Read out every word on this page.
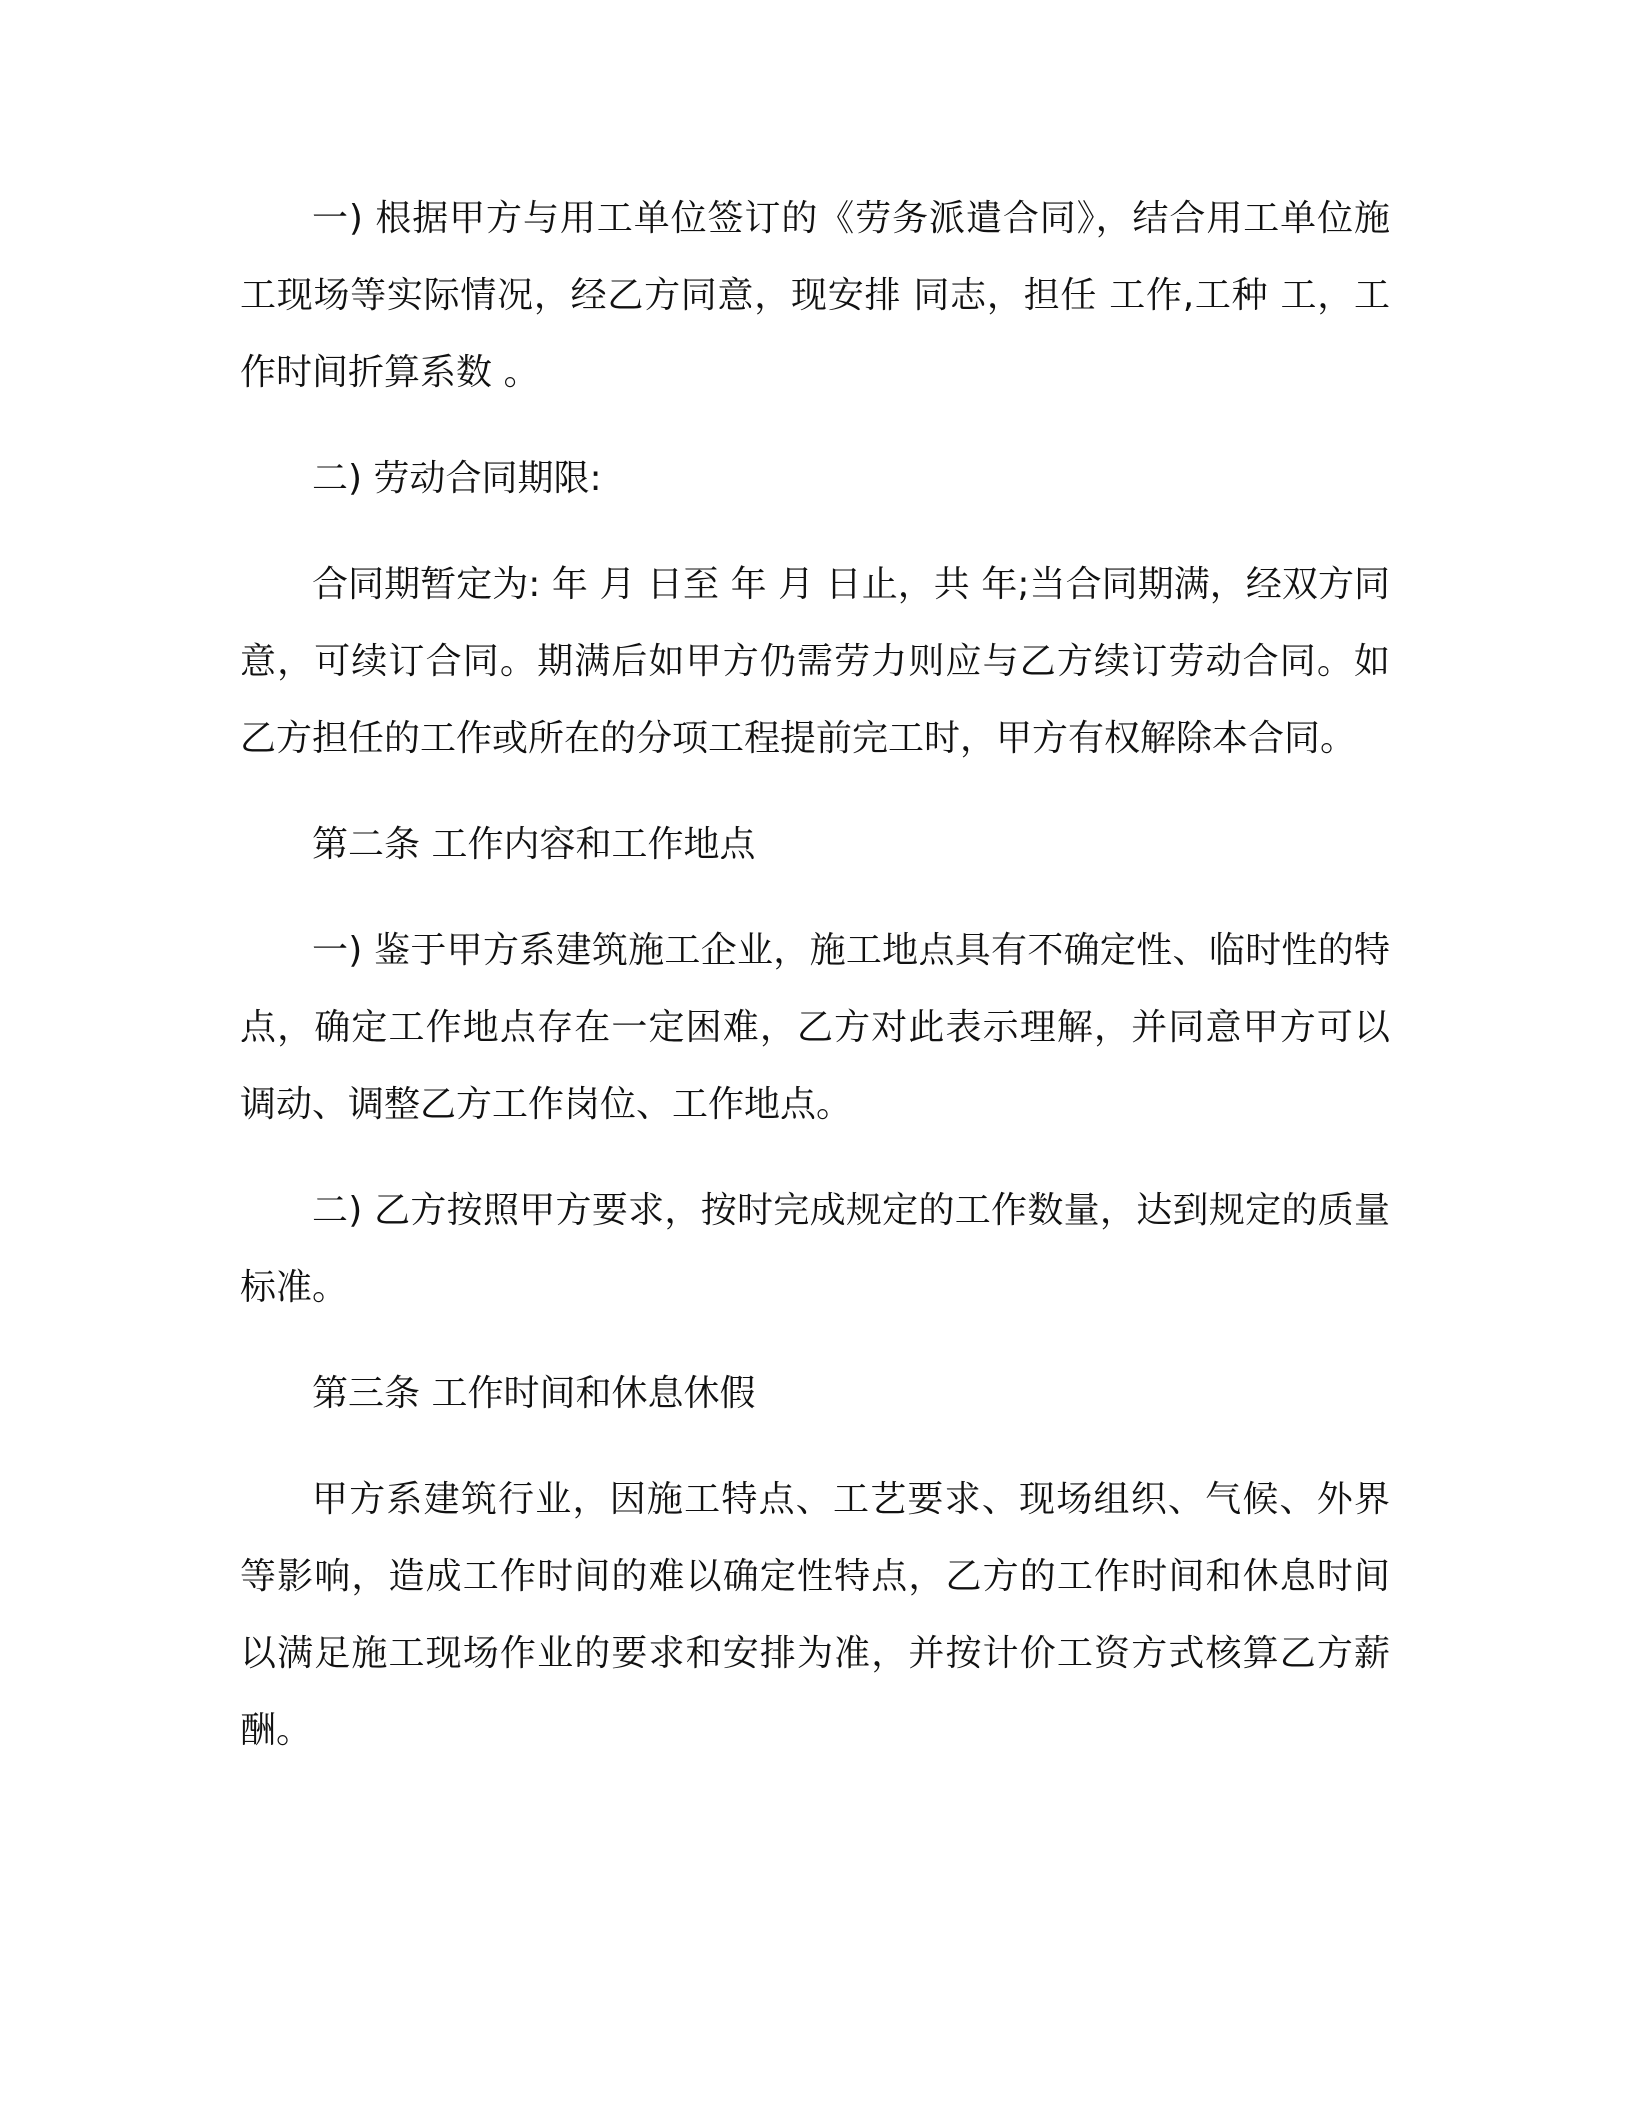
一) 根据甲方与用工单位签订的《劳务派遣合同》，结合用工单位施工现场等实际情况，经乙方同意，现安排 同志，担任 工作,工种 工，工作时间折算系数 。

二) 劳动合同期限:

合同期暂定为: 年 月 日至 年 月 日止，共 年;当合同期满，经双方同意，可续订合同。期满后如甲方仍需劳力则应与乙方续订劳动合同。如乙方担任的工作或所在的分项工程提前完工时，甲方有权解除本合同。

第二条 工作内容和工作地点

一) 鉴于甲方系建筑施工企业，施工地点具有不确定性、临时性的特点，确定工作地点存在一定困难，乙方对此表示理解，并同意甲方可以调动、调整乙方工作岗位、工作地点。

二) 乙方按照甲方要求，按时完成规定的工作数量，达到规定的质量标准。

第三条 工作时间和休息休假

甲方系建筑行业，因施工特点、工艺要求、现场组织、气候、外界等影响，造成工作时间的难以确定性特点，乙方的工作时间和休息时间以满足施工现场作业的要求和安排为准，并按计价工资方式核算乙方薪酬。
